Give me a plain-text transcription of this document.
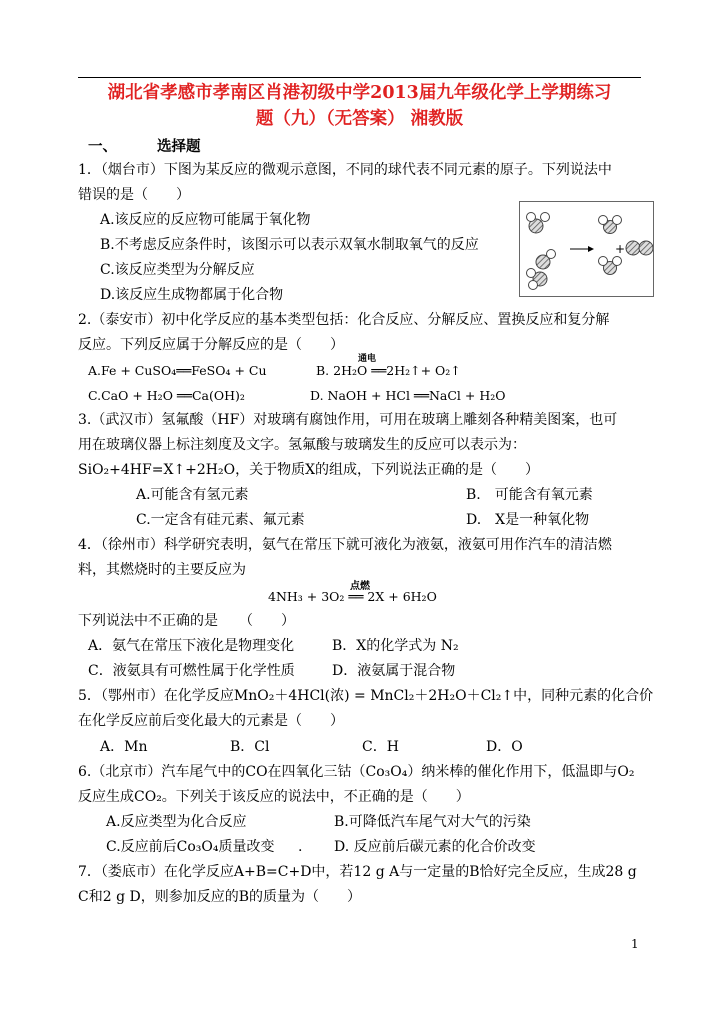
湖北省孝感市孝南区肖港初级中学2013届九年级化学上学期练习
题（九）（无答案） 湘教版
一、	选择题
1．（烟台市）下图为某反应的微观示意图，不同的球代表不同元素的原子。下列说法中
错误的是（　　）
A.该反应的反应物可能属于氧化物
B.不考虑反应条件时，该图示可以表示双氧水制取氧气的反应
C.该反应类型为分解反应
D.该反应生成物都属于化合物
+
2.（泰安市）初中化学反应的基本类型包括：化合反应、分解反应、置换反应和复分解
反应。下列反应属于分解反应的是（　　）
A.Fe + CuSO₄══FeSO₄ + Cu
通电
B. 2H₂O ══2H₂↑+ O₂↑
C.CaO + H₂O ══Ca(OH)₂	D. NaOH + HCl ══NaCl + H₂O
3.（武汉市）氢氟酸（HF）对玻璃有腐蚀作用，可用在玻璃上雕刻各种精美图案，也可
用在玻璃仪器上标注刻度及文字。氢氟酸与玻璃发生的反应可以表示为：
SiO₂+4HF=X↑+2H₂O，关于物质X的组成，下列说法正确的是（　　）
A.可能含有氢元素	B.　可能含有氧元素
C.一定含有硅元素、氟元素	D.　X是一种氧化物
4．（徐州市）科学研究表明，氨气在常压下就可液化为液氨，液氨可用作汽车的清洁燃
料，其燃烧时的主要反应为
点燃
4NH₃ + 3O₂ ══ 2X + 6H₂O
下列说法中不正确的是　　（　　）
A．氨气在常压下液化是物理变化	B．X的化学式为 N₂
C．液氨具有可燃性属于化学性质	D．液氨属于混合物
5．（鄂州市）在化学反应MnO₂＋4HCl(浓) = MnCl₂＋2H₂O＋Cl₂↑中，同种元素的化合价
在化学反应前后变化最大的元素是（　　）
A．Mn	B．Cl	C．H	D．O
6.（北京市）汽车尾气中的CO在四氧化三钴（Co₃O₄）纳米棒的催化作用下，低温即与O₂
反应生成CO₂。下列关于该反应的说法中，不正确的是（　　）
A.反应类型为化合反应	B.可降低汽车尾气对大气的污染
C.反应前后Co₃O₄质量改变 . D. 反应前后碳元素的化合价改变
7．（娄底市）在化学反应A+B=C+D中，若12 g A与一定量的B恰好完全反应，生成28 g
C和2 g D，则参加反应的B的质量为（　　）
1
